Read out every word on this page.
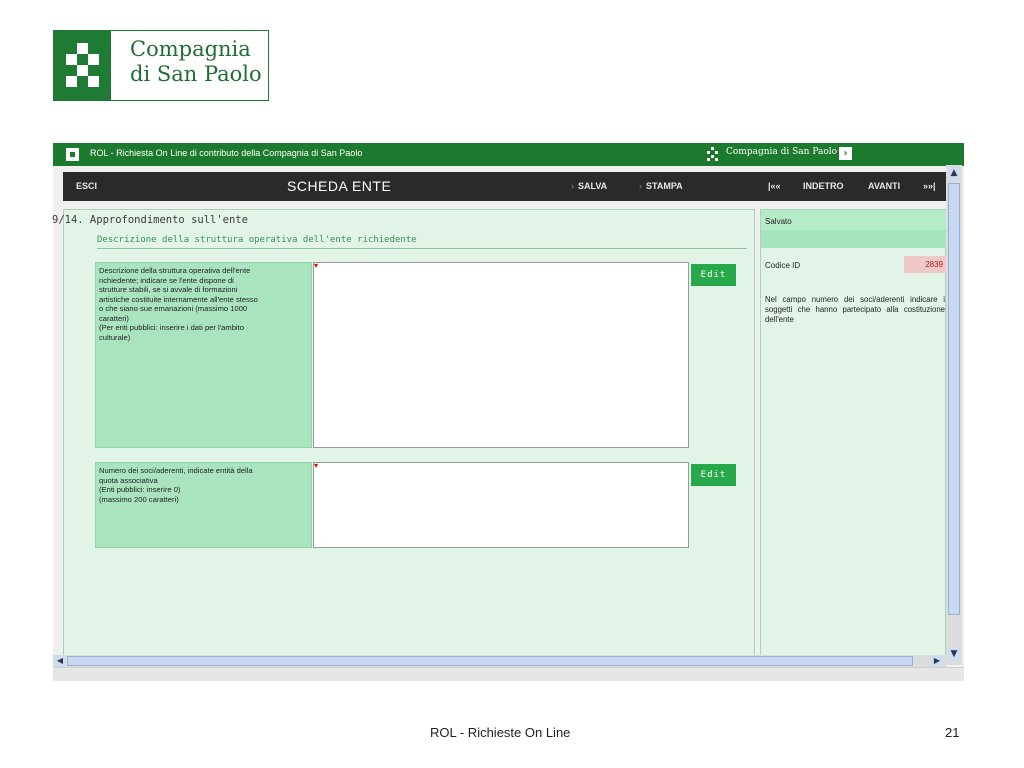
Compagnia
di San Paolo
ROL - Richiesta On Line di contributo della Compagnia di San Paolo	Compagnia di San Paolo ›
ESCI	SCHEDA ENTE	› SALVA	› STAMPA	|«« INDETRO	AVANTI	»»|
9/14. Approfondimento sull'ente
Descrizione della struttura operativa dell'ente richiedente
Descrizione della struttura operativa dell'ente
richiedente; indicare se l'ente dispone di
strutture stabili, se si avvale di formazioni
artistiche costituite internamente all'ente stesso
o che siano sue emanazioni (massimo 1000
caratteri)
(Per enti pubblici: inserire i dati per l'ambito
culturale)
▾
Edit
Numero dei soci/aderenti, indicate entità della
quota associativa
(Enti pubblici: inserire 0)
(massimo 200 caratteri)
▾
Edit
Salvato
Codice ID	2839
Nel campo numero dei soci/aderenti indicare i soggetti che hanno partecipato alla costituzione dell'ente
▲
▼
◀	▶
ROL - Richieste On Line	21
